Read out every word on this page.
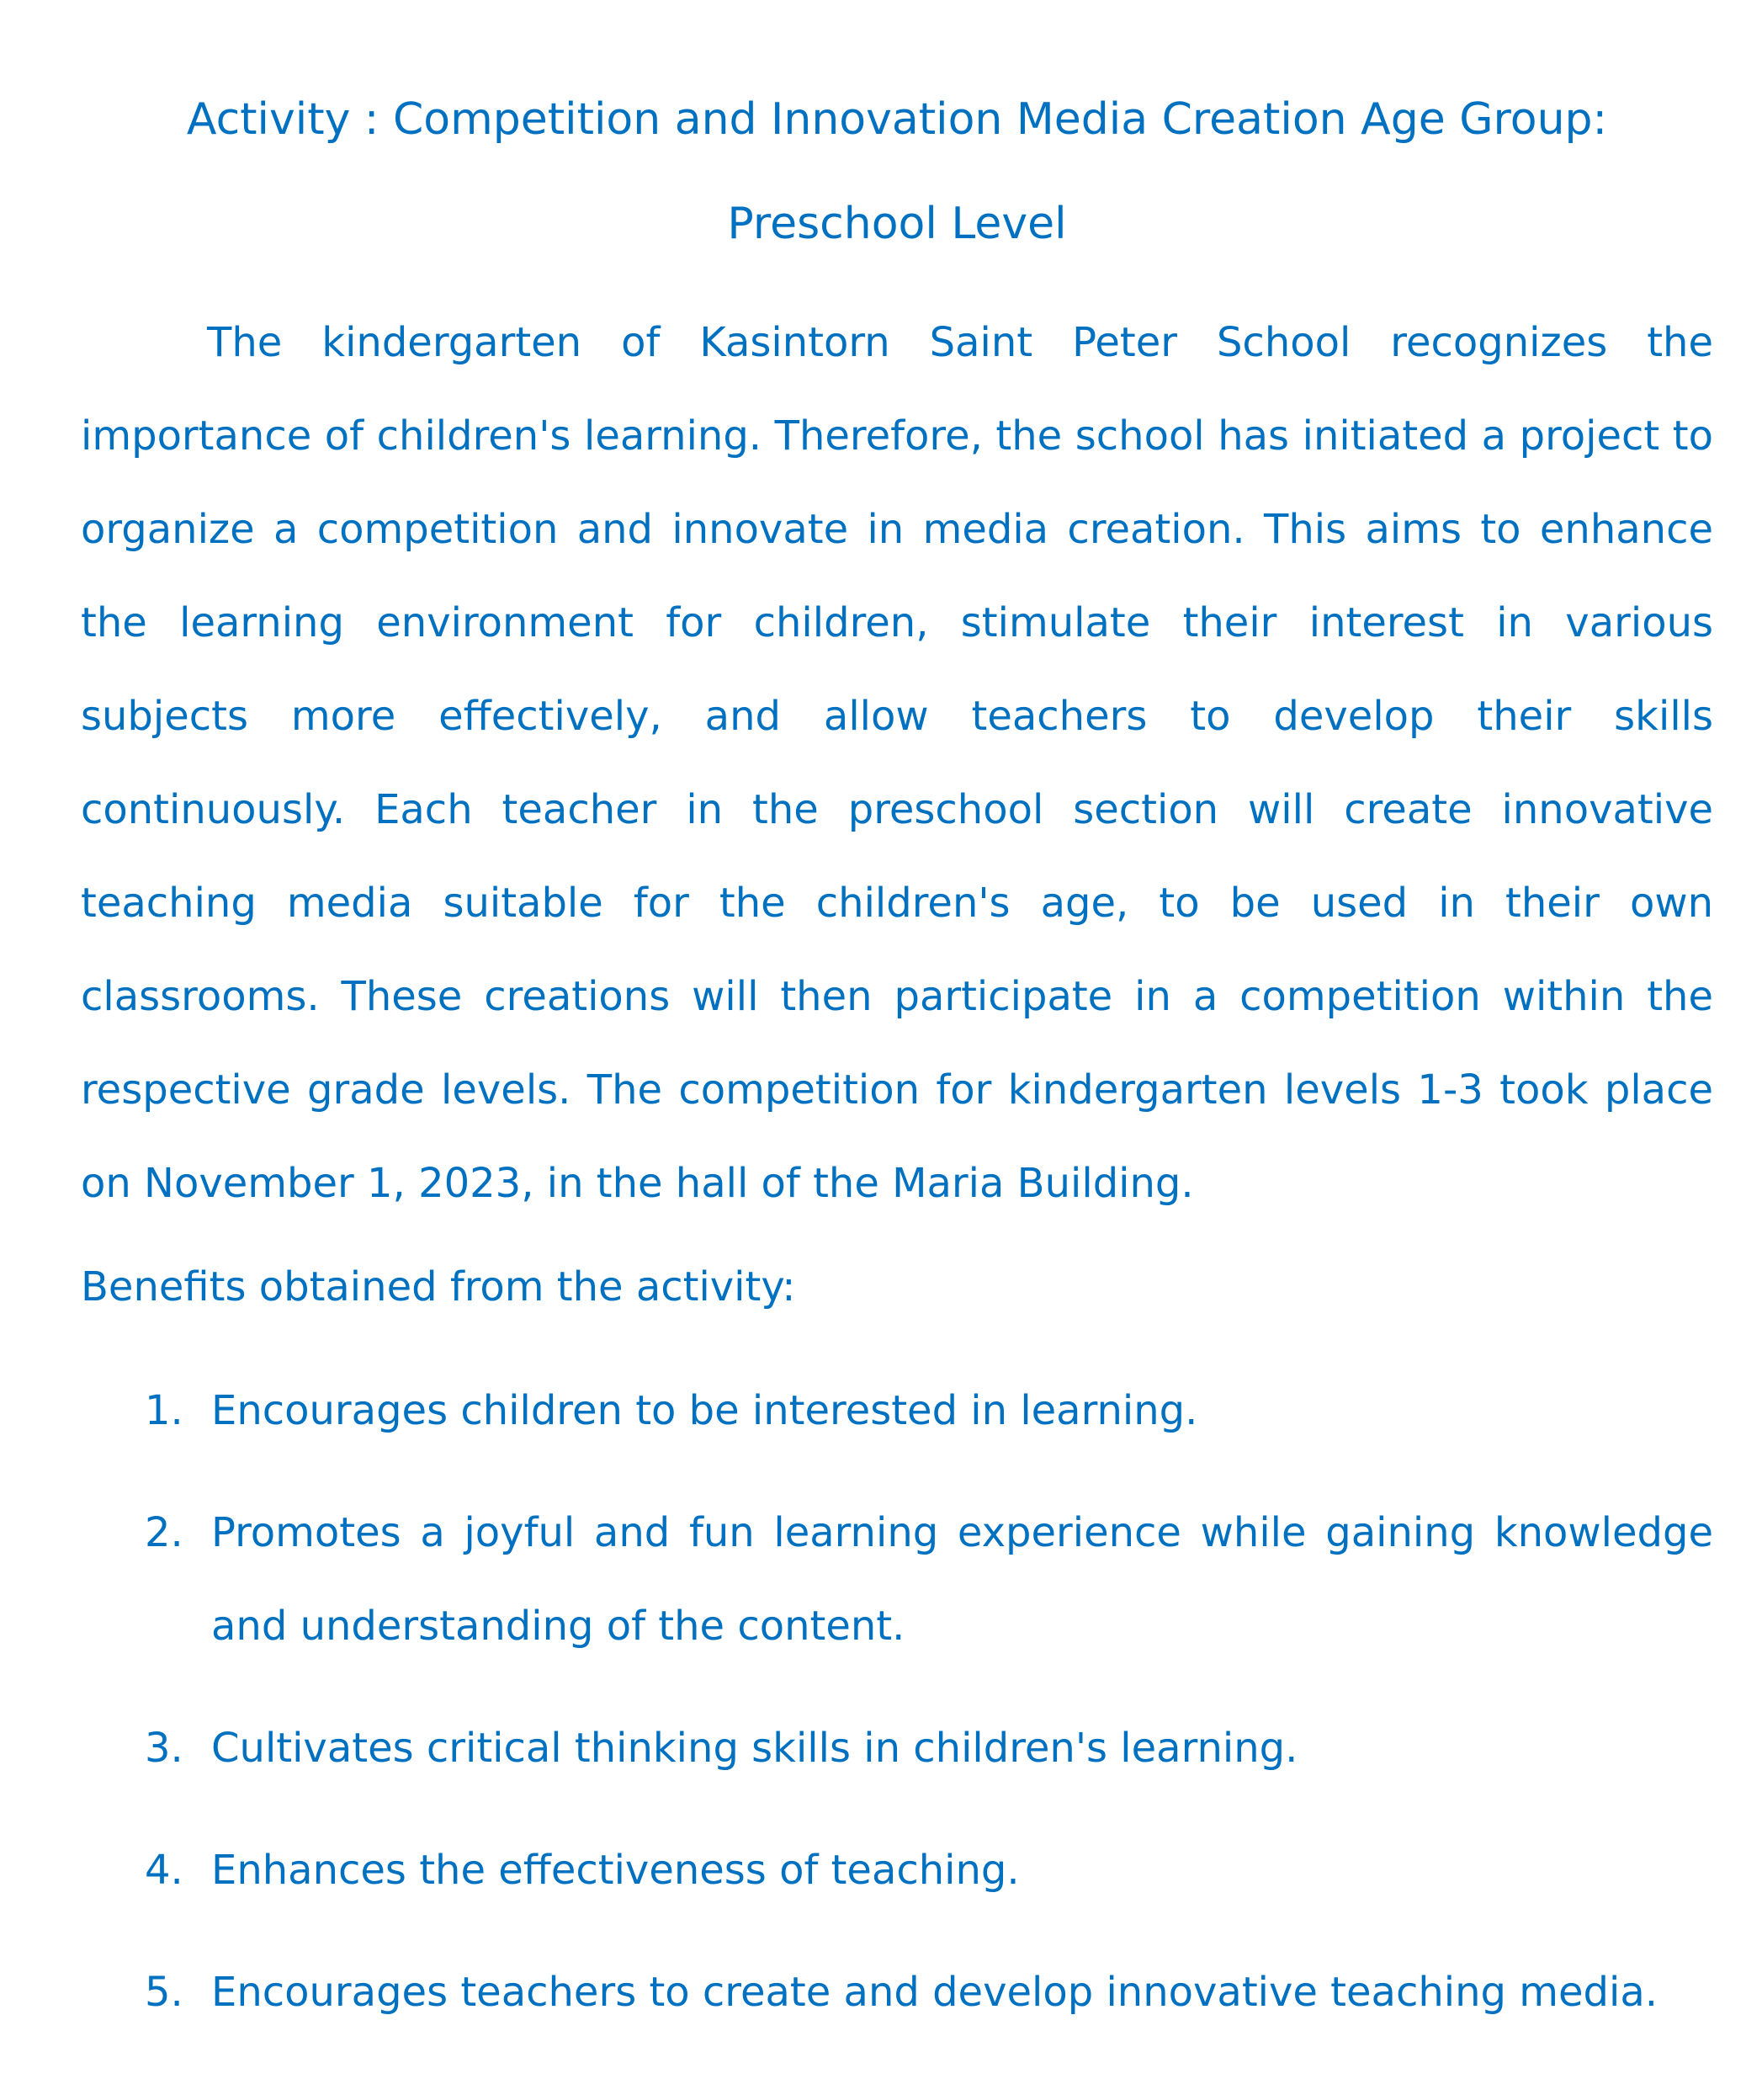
Activity : Competition and Innovation Media Creation Age Group:
Preschool Level

The kindergarten of Kasintorn Saint Peter School recognizes the importance of children's learning. Therefore, the school has initiated a project to organize a competition and innovate in media creation. This aims to enhance the learning environment for children, stimulate their interest in various subjects more effectively, and allow teachers to develop their skills continuously. Each teacher in the preschool section will create innovative teaching media suitable for the children's age, to be used in their own classrooms. These creations will then participate in a competition within the respective grade levels. The competition for kindergarten levels 1-3 took place on November 1, 2023, in the hall of the Maria Building.

Benefits obtained from the activity:

1. Encourages children to be interested in learning.
2. Promotes a joyful and fun learning experience while gaining knowledge and understanding of the content.
3. Cultivates critical thinking skills in children's learning.
4. Enhances the effectiveness of teaching.
5. Encourages teachers to create and develop innovative teaching media.
